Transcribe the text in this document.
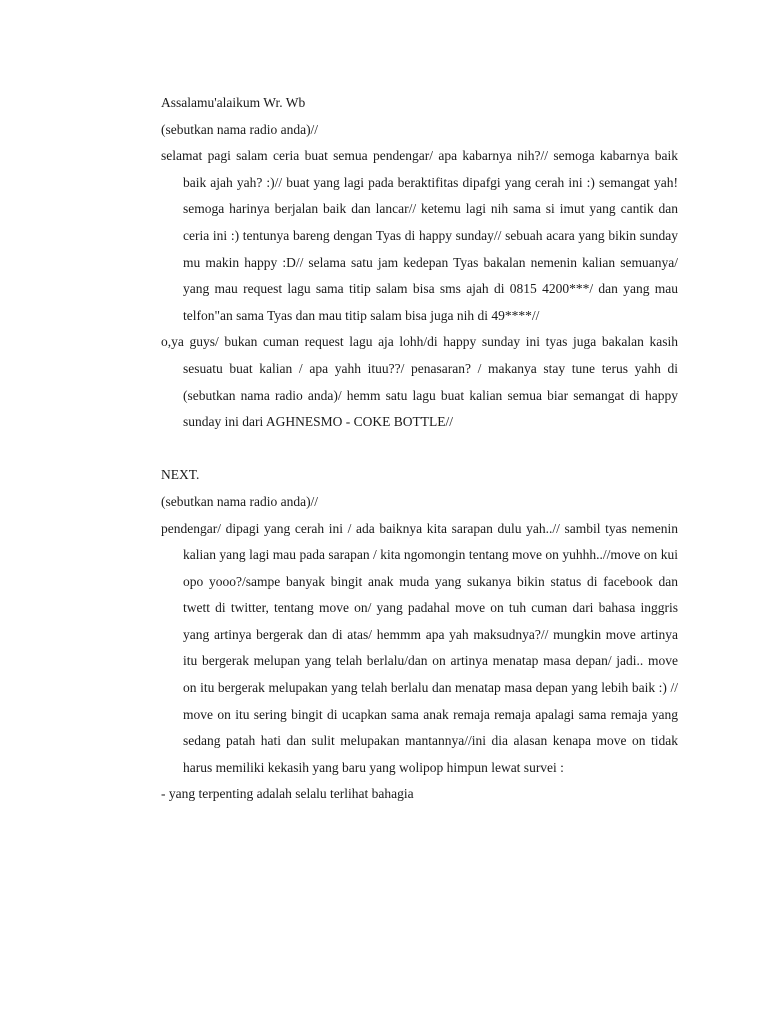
Assalamu'alaikum Wr. Wb

(sebutkan nama radio anda)//

selamat pagi salam ceria buat semua pendengar/ apa kabarnya nih?// semoga kabarnya baik baik ajah yah? :)// buat yang lagi pada beraktifitas dipafgi yang cerah ini :) semangat yah! semoga harinya berjalan baik dan lancar// ketemu lagi nih sama si imut yang cantik dan ceria ini :) tentunya bareng dengan Tyas di happy sunday// sebuah acara yang bikin sunday mu makin happy :D// selama satu jam kedepan Tyas bakalan nemenin kalian semuanya/ yang mau request lagu sama titip salam bisa sms ajah di 0815 4200***/ dan yang mau telfon"an sama Tyas dan mau titip salam bisa juga nih di 49****//

o,ya guys/ bukan cuman request lagu aja lohh/di happy sunday ini tyas juga bakalan kasih sesuatu buat kalian / apa yahh ituu??/ penasaran? / makanya stay tune terus yahh di (sebutkan nama radio anda)/ hemm satu lagu buat kalian semua biar semangat di happy sunday ini dari AGHNESMO - COKE BOTTLE//

NEXT.

(sebutkan nama radio anda)//

pendengar/ dipagi yang cerah ini / ada baiknya kita sarapan dulu yah..// sambil tyas nemenin kalian yang lagi mau pada sarapan / kita ngomongin tentang move on yuhhh..//move on kui opo yooo?/sampe banyak bingit anak muda yang sukanya bikin status di facebook dan twett di twitter, tentang move on/ yang padahal move on tuh cuman dari bahasa inggris yang artinya bergerak dan di atas/ hemmm apa yah maksudnya?// mungkin move artinya itu bergerak melupan yang telah berlalu/dan on artinya menatap masa depan/ jadi.. move on itu bergerak melupakan yang telah berlalu dan menatap masa depan yang lebih baik :) // move on itu sering bingit di ucapkan sama anak remaja remaja apalagi sama remaja yang sedang patah hati dan sulit melupakan mantannya//ini dia alasan kenapa move on tidak harus memiliki kekasih yang baru yang wolipop himpun lewat survei :

- yang terpenting adalah selalu terlihat bahagia
